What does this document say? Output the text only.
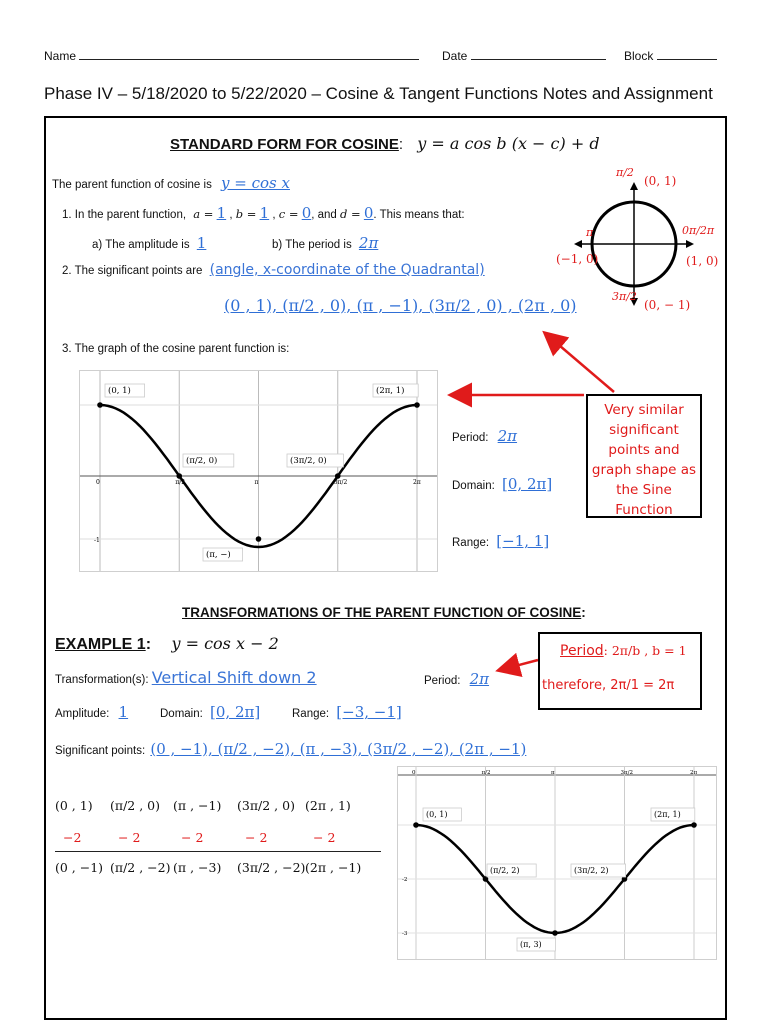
Name	Date	Block
Phase IV – 5/18/2020 to 5/22/2020 – Cosine & Tangent Functions Notes and Assignment
STANDARD FORM FOR COSINE: y = a cos b (x − c) + d
The parent function of cosine is y = cos x
1. In the parent function, a = 1 , b = 1 , c = 0, and d = 0. This means that:
a) The amplitude is 1	b) The period is 2π
2. The significant points are (angle, x-coordinate of the Quadrantal)
(0 , 1), (π/2 , 0), (π , −1), (3π/2 , 0) , (2π , 0)
3. The graph of the cosine parent function is:
π/2
(0, 1)
π	0π/2π
(−1, 0)	(1, 0)
3π/2
(0, − 1)
0	π/2	π	3π/2	2π
-1
(0, 1)	(2π, 1)
(π/2, 0)	(3π/2, 0)
(π, −)
Period: 2π
Domain: [0, 2π]
Range: [−1, 1]
Very similar significant points and graph shape as the Sine Function
TRANSFORMATIONS OF THE PARENT FUNCTION OF COSINE:
EXAMPLE 1: y = cos x − 2
Transformation(s): Vertical Shift down 2	Period: 2π
Amplitude: 1	Domain: [0, 2π]	Range: [−3, −1]
Significant points: (0 , −1), (π/2 , −2), (π , −3), (3π/2 , −2), (2π , −1)
Period: 2π/b , b = 1
therefore, 2π/1 = 2π
(0 , 1) (π/2 , 0) (π , −1) (3π/2 , 0) (2π , 1)
−2	− 2	− 2	− 2	− 2
(0 , −1) (π/2 , −2) (π , −3) (3π/2 , −2) (2π , −1)
0	π/2	π	3π/2	2π
-2
-3
(0, 1)	(2π, 1)
(π/2, 2)	(3π/2, 2)
(π, 3)
